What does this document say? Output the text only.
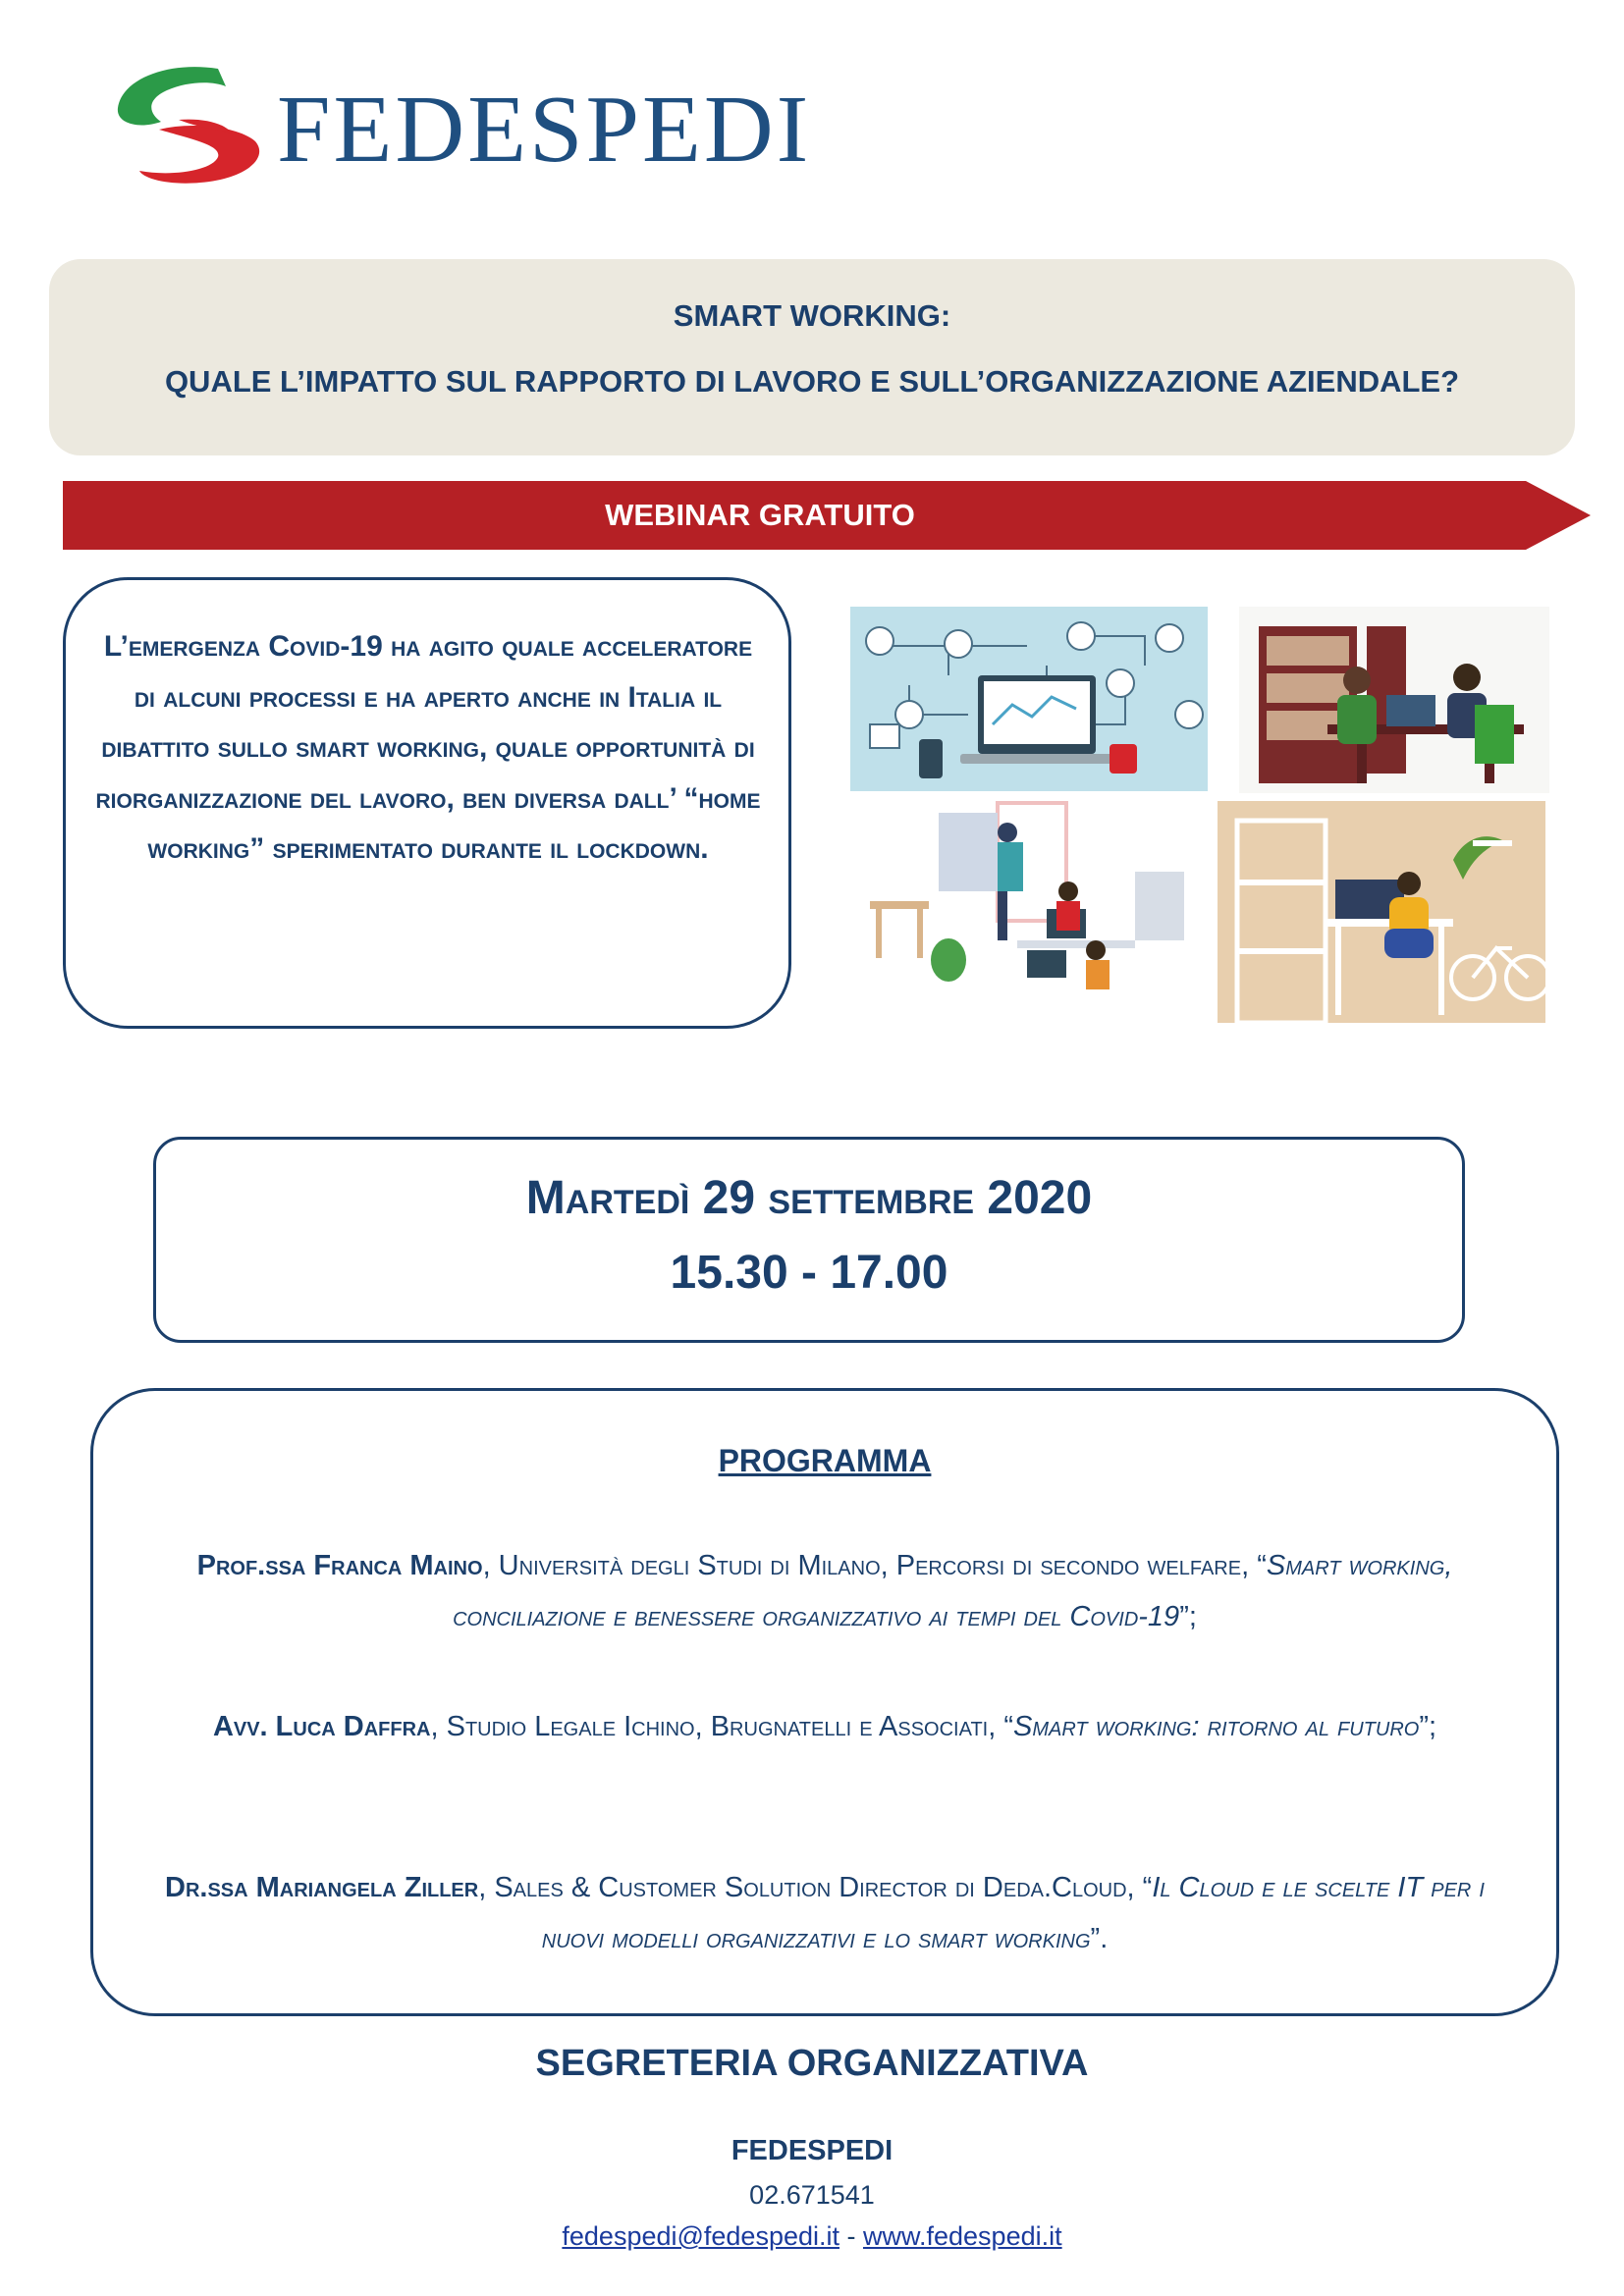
FEDESPEDI
SMART WORKING:
QUALE L’IMPATTO SUL RAPPORTO DI LAVORO E SULL’ORGANIZZAZIONE AZIENDALE?
WEBINAR GRATUITO
L’emergenza Covid-19 ha agito quale acceleratore di alcuni processi e ha aperto anche in Italia il dibattito sullo smart working, quale opportunità di riorganizzazione del lavoro, ben diversa dall’ “home working” sperimentato durante il lockdown.
Martedì 29 settembre 2020
15.30 - 17.00
PROGRAMMA
Prof.ssa Franca Maino, Università degli Studi di Milano, Percorsi di secondo welfare, “Smart working, conciliazione e benessere organizzativo ai tempi del Covid-19”;
Avv. Luca Daffra, Studio Legale Ichino, Brugnatelli e Associati, “Smart working: ritorno al futuro”;
Dr.ssa Mariangela Ziller, Sales & Customer Solution Director di Deda.Cloud, “Il Cloud e le scelte IT per i nuovi modelli organizzativi e lo smart working”.
SEGRETERIA ORGANIZZATIVA
FEDESPEDI
02.671541
fedespedi@fedespedi.it - www.fedespedi.it
